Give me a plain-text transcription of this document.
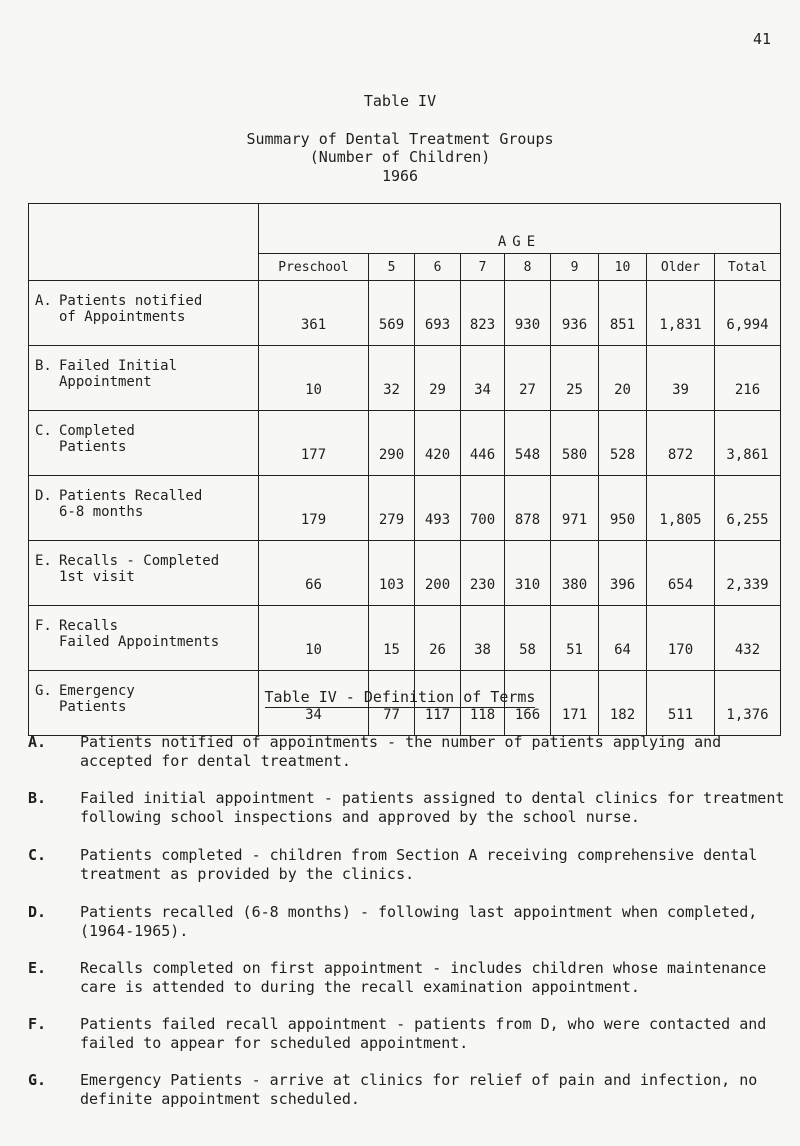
41
Table IV
Summary of Dental Treatment Groups
(Number of Children)
1966
	AGE								
	Preschool	5	6	7	8	9	10	Older	Total

A. Patients notified
of Appointments	361	569	693	823	930	936	851	1,831	6,994

B. Failed Initial
Appointment	10	32	29	34	27	25	20	39	216

C. Completed
Patients	177	290	420	446	548	580	528	872	3,861

D. Patients Recalled
6-8 months	179	279	493	700	878	971	950	1,805	6,255

E. Recalls - Completed
1st visit	66	103	200	230	310	380	396	654	2,339

F. Recalls
Failed Appointments	10	15	26	38	58	51	64	170	432

G. Emergency
Patients	34	77	117	118	166	171	182	511	1,376
Table IV - Definition of Terms
A.	Patients notified of appointments - the number of patients applying and accepted for dental treatment.
B.	Failed initial appointment - patients assigned to dental clinics for treatment following school inspections and approved by the school nurse.
C.	Patients completed - children from Section A receiving comprehensive dental treatment as provided by the clinics.
D.	Patients recalled (6-8 months) - following last appointment when completed, (1964-1965).
E.	Recalls completed on first appointment - includes children whose maintenance care is attended to during the recall examination appointment.
F.	Patients failed recall appointment - patients from D, who were contacted and failed to appear for scheduled appointment.
G.	Emergency Patients - arrive at clinics for relief of pain and infection, no definite appointment scheduled.
